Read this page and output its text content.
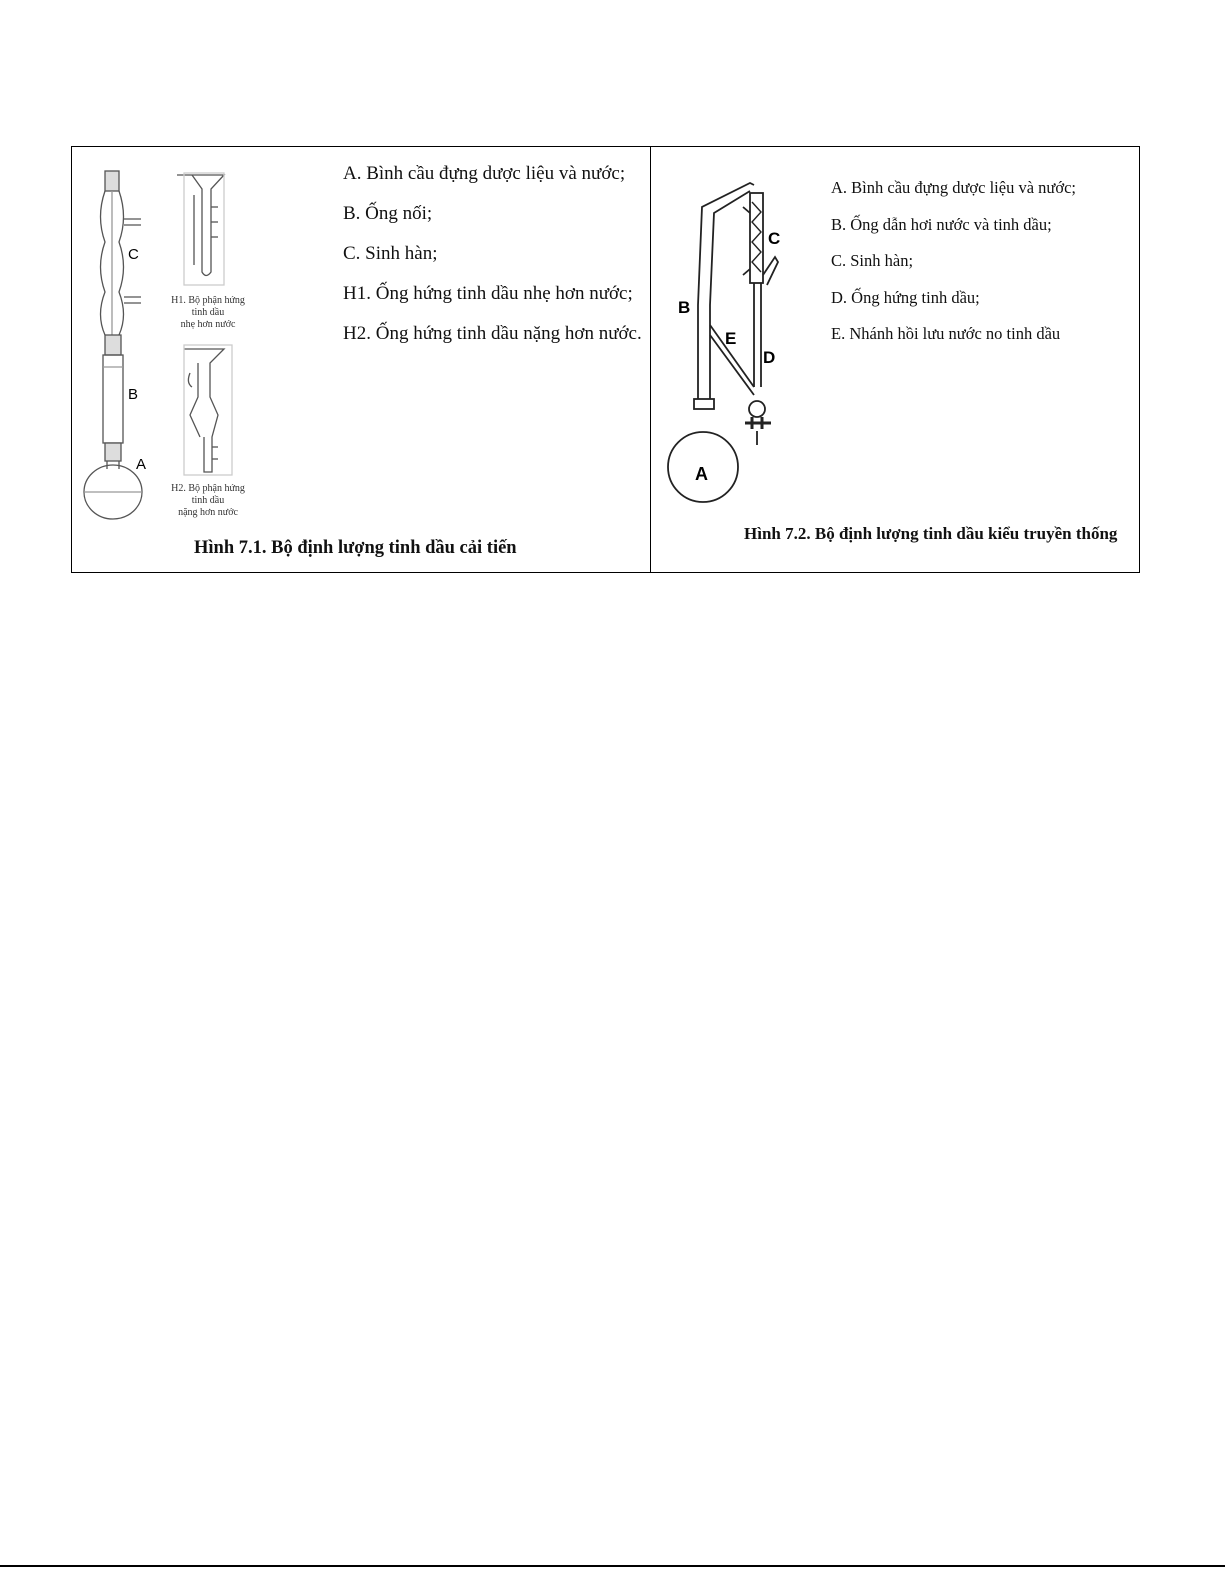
C
B
A
H1. Bộ phận hứng
tinh dầu
nhẹ hơn nước
H2. Bộ phận hứng
tinh dầu
nặng hơn nước
A. Bình cầu đựng dược liệu và nước;
B. Ống nối;
C. Sinh hàn;
H1. Ống hứng tinh dầu nhẹ hơn nước;
H2. Ống hứng tinh dầu nặng hơn nước.
Hình 7.1. Bộ định lượng tinh dầu cải tiến
A
B
C
D
E
A. Bình cầu đựng dược liệu và nước;
B. Ống dẫn hơi nước và tinh dầu;
C. Sinh hàn;
D. Ống hứng tinh dầu;
E. Nhánh hồi lưu nước no tinh dầu
Hình 7.2. Bộ định lượng tinh dầu kiểu truyền thống
